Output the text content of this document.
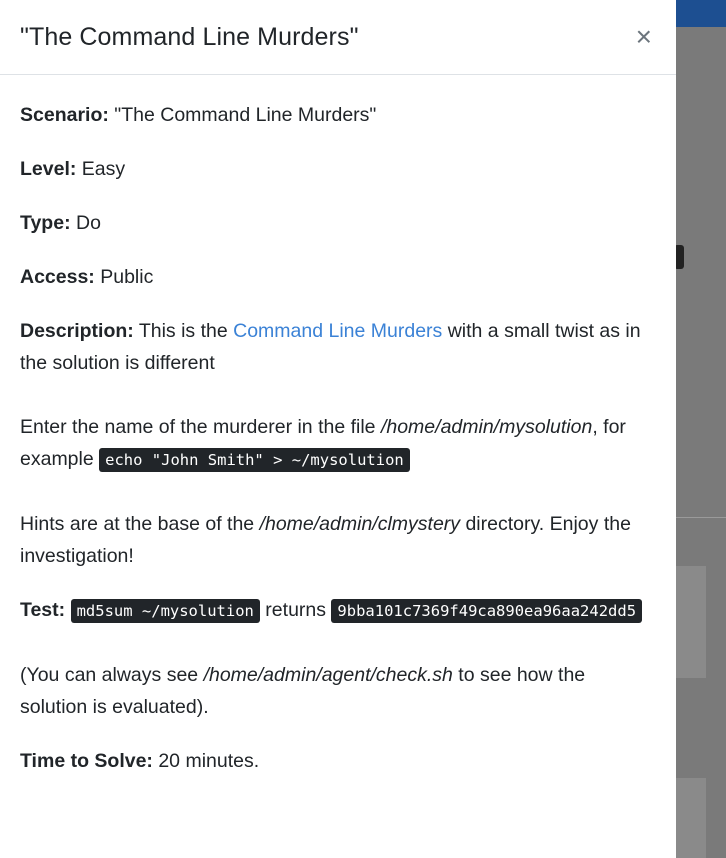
"The Command Line Murders"	×

Scenario: "The Command Line Murders"

Level: Easy

Type: Do

Access: Public

Description: This is the Command Line Murders with a small twist as in the solution is different

Enter the name of the murderer in the file /home/admin/mysolution, for example echo "John Smith" > ~/mysolution

Hints are at the base of the /home/admin/clmystery directory. Enjoy the investigation!

Test: md5sum ~/mysolution returns 9bba101c7369f49ca890ea96aa242dd5

(You can always see /home/admin/agent/check.sh to see how the solution is evaluated).

Time to Solve: 20 minutes.
